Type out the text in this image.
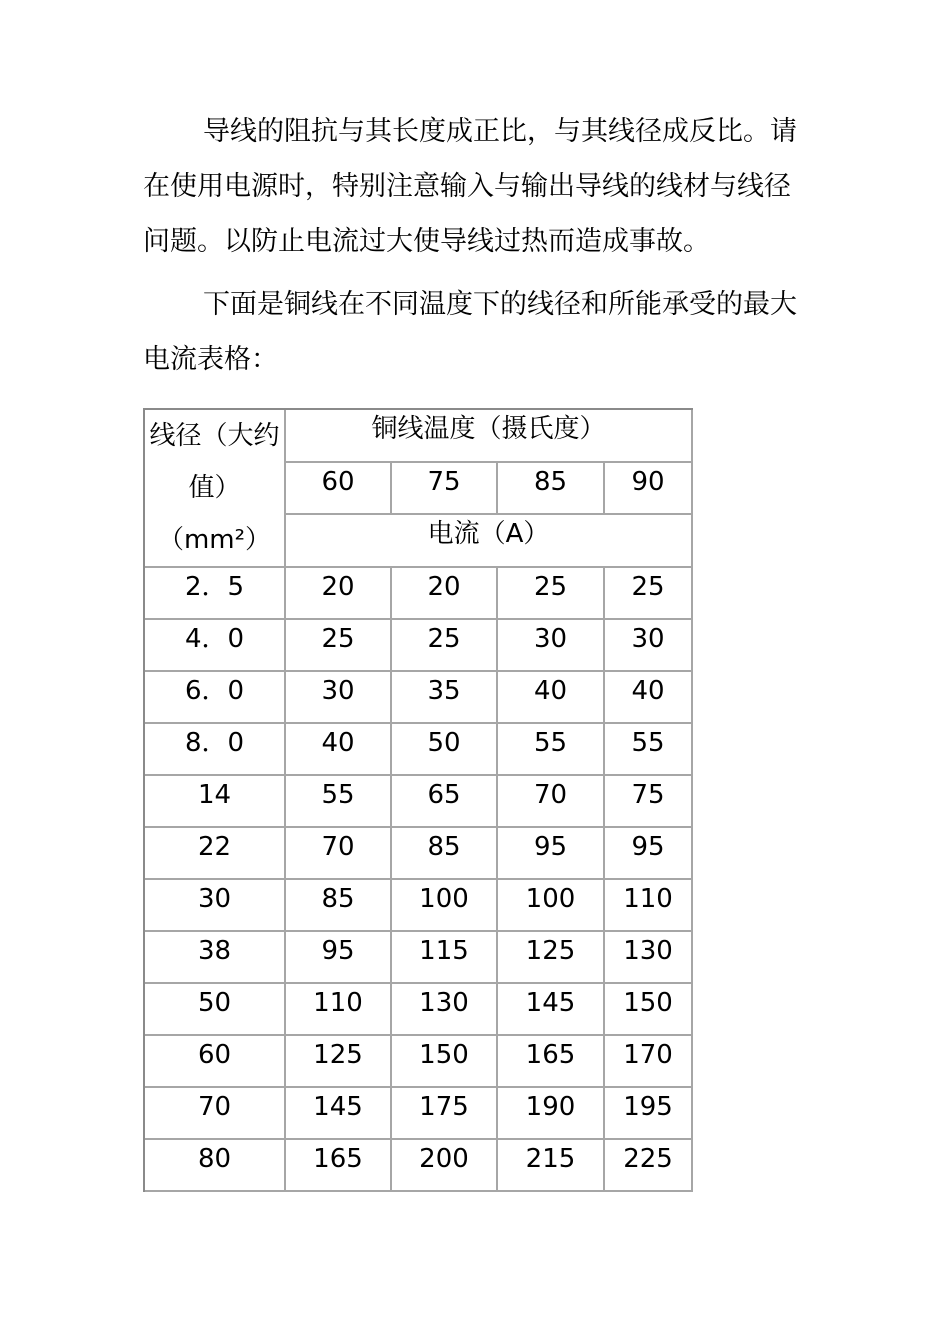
导线的阻抗与其长度成正比，与其线径成反比。请在使用电源时，特别注意输入与输出导线的线材与线径问题。以防止电流过大使导线过热而造成事故。

下面是铜线在不同温度下的线径和所能承受的最大电流表格：

线径（大约
值）
（mm²）	铜线温度（摄氏度）			
	60	75	85	90
	电流（A）			
2．5	20	20	25	25
4．0	25	25	30	30
6．0	30	35	40	40
8．0	40	50	55	55
14	55	65	70	75
22	70	85	95	95
30	85	100	100	110
38	95	115	125	130
50	110	130	145	150
60	125	150	165	170
70	145	175	190	195
80	165	200	215	225
